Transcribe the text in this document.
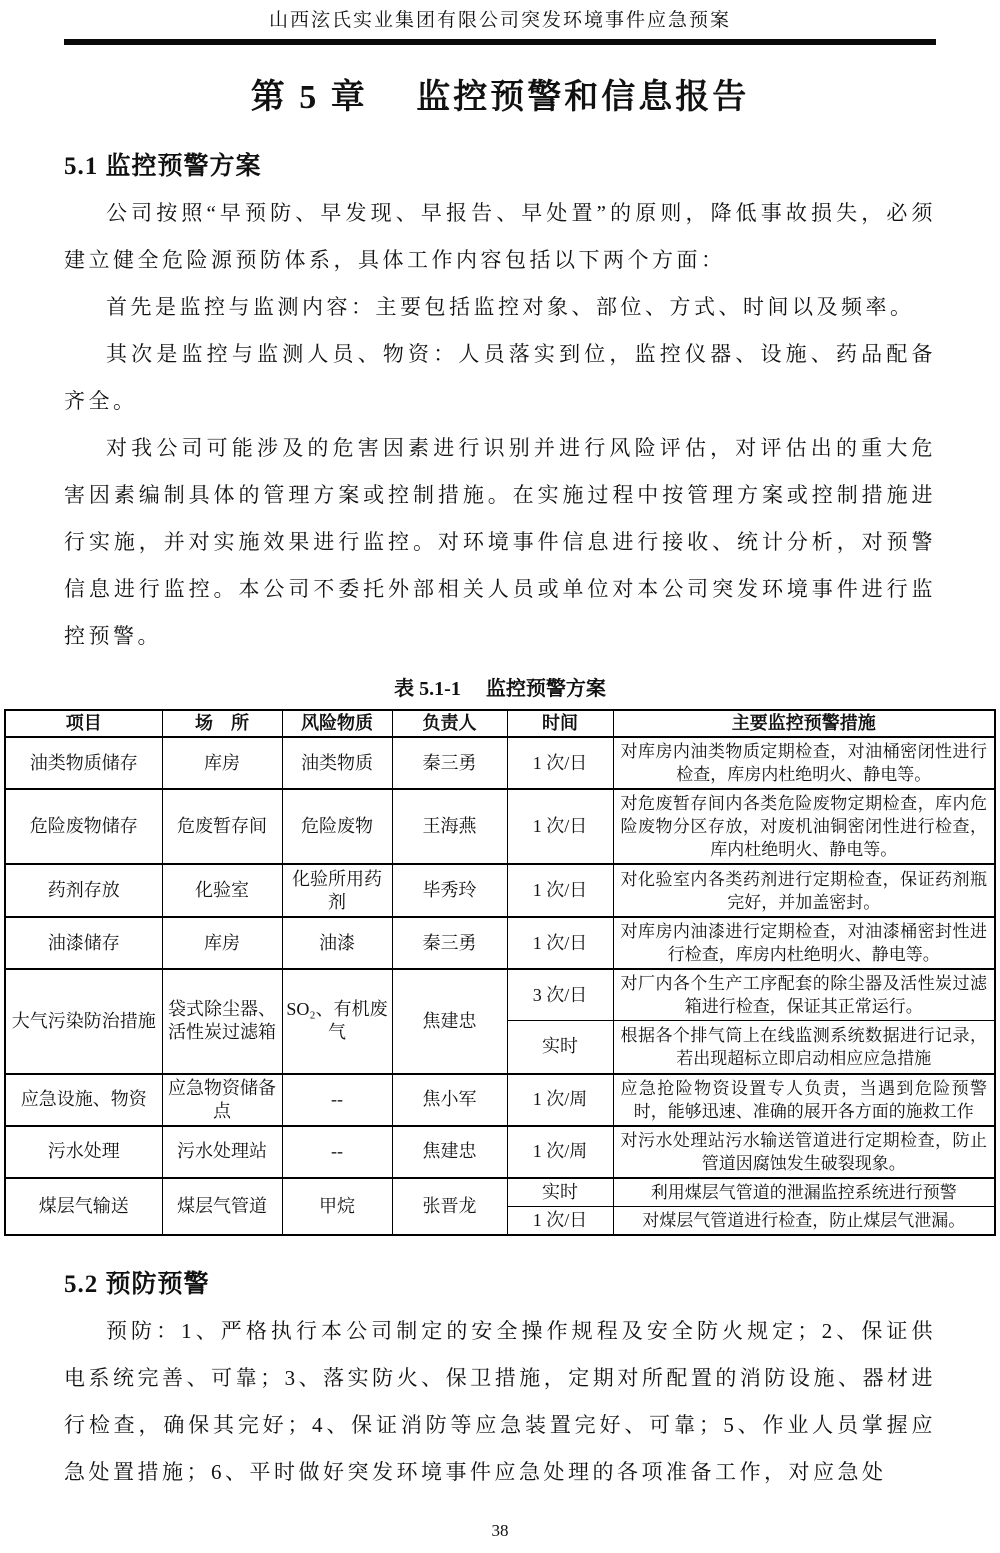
山西泫氏实业集团有限公司突发环境事件应急预案
第 5 章　 监控预警和信息报告
5.1 监控预警方案

公司按照“早预防、早发现、早报告、早处置”的原则，降低事故损失，必须建立健全危险源预防体系，具体工作内容包括以下两个方面：

首先是监控与监测内容：主要包括监控对象、部位、方式、时间以及频率。

其次是监控与监测人员、物资：人员落实到位，监控仪器、设施、药品配备齐全。

对我公司可能涉及的危害因素进行识别并进行风险评估，对评估出的重大危害因素编制具体的管理方案或控制措施。在实施过程中按管理方案或控制措施进行实施，并对实施效果进行监控。对环境事件信息进行接收、统计分析，对预警信息进行监控。本公司不委托外部相关人员或单位对本公司突发环境事件进行监控预警。

表 5.1-1　 监控预警方案
项目	场　所	风险物质	负责人	时间	主要监控预警措施
油类物质储存	库房	油类物质	秦三勇	1 次/日	对库房内油类物质定期检查，对油桶密闭性进行检查，库房内杜绝明火、静电等。
危险废物储存	危废暂存间	危险废物	王海燕	1 次/日	对危废暂存间内各类危险废物定期检查，库内危险废物分区存放，对废机油铜密闭性进行检查，库内杜绝明火、静电等。
药剂存放	化验室	化验所用药剂	毕秀玲	1 次/日	对化验室内各类药剂进行定期检查，保证药剂瓶完好，并加盖密封。
油漆储存	库房	油漆	秦三勇	1 次/日	对库房内油漆进行定期检查，对油漆桶密封性进行检查，库房内杜绝明火、静电等。
大气污染防治措施	袋式除尘器、活性炭过滤箱	SO₂、有机废气	焦建忠	3 次/日	对厂内各个生产工序配套的除尘器及活性炭过滤箱进行检查，保证其正常运行。
				实时	根据各个排气筒上在线监测系统数据进行记录，若出现超标立即启动相应应急措施
应急设施、物资	应急物资储备点	--	焦小军	1 次/周	应急抢险物资设置专人负责，当遇到危险预警时，能够迅速、准确的展开各方面的施救工作
污水处理	污水处理站	--	焦建忠	1 次/周	对污水处理站污水输送管道进行定期检查，防止管道因腐蚀发生破裂现象。
煤层气输送	煤层气管道	甲烷	张晋龙	实时	利用煤层气管道的泄漏监控系统进行预警
				1 次/日	对煤层气管道进行检查，防止煤层气泄漏。
5.2 预防预警

预防：1、严格执行本公司制定的安全操作规程及安全防火规定；2、保证供电系统完善、可靠；3、落实防火、保卫措施，定期对所配置的消防设施、器材进行检查，确保其完好；4、保证消防等应急装置完好、可靠；5、作业人员掌握应急处置措施；6、平时做好突发环境事件应急处理的各项准备工作，对应急处

38
